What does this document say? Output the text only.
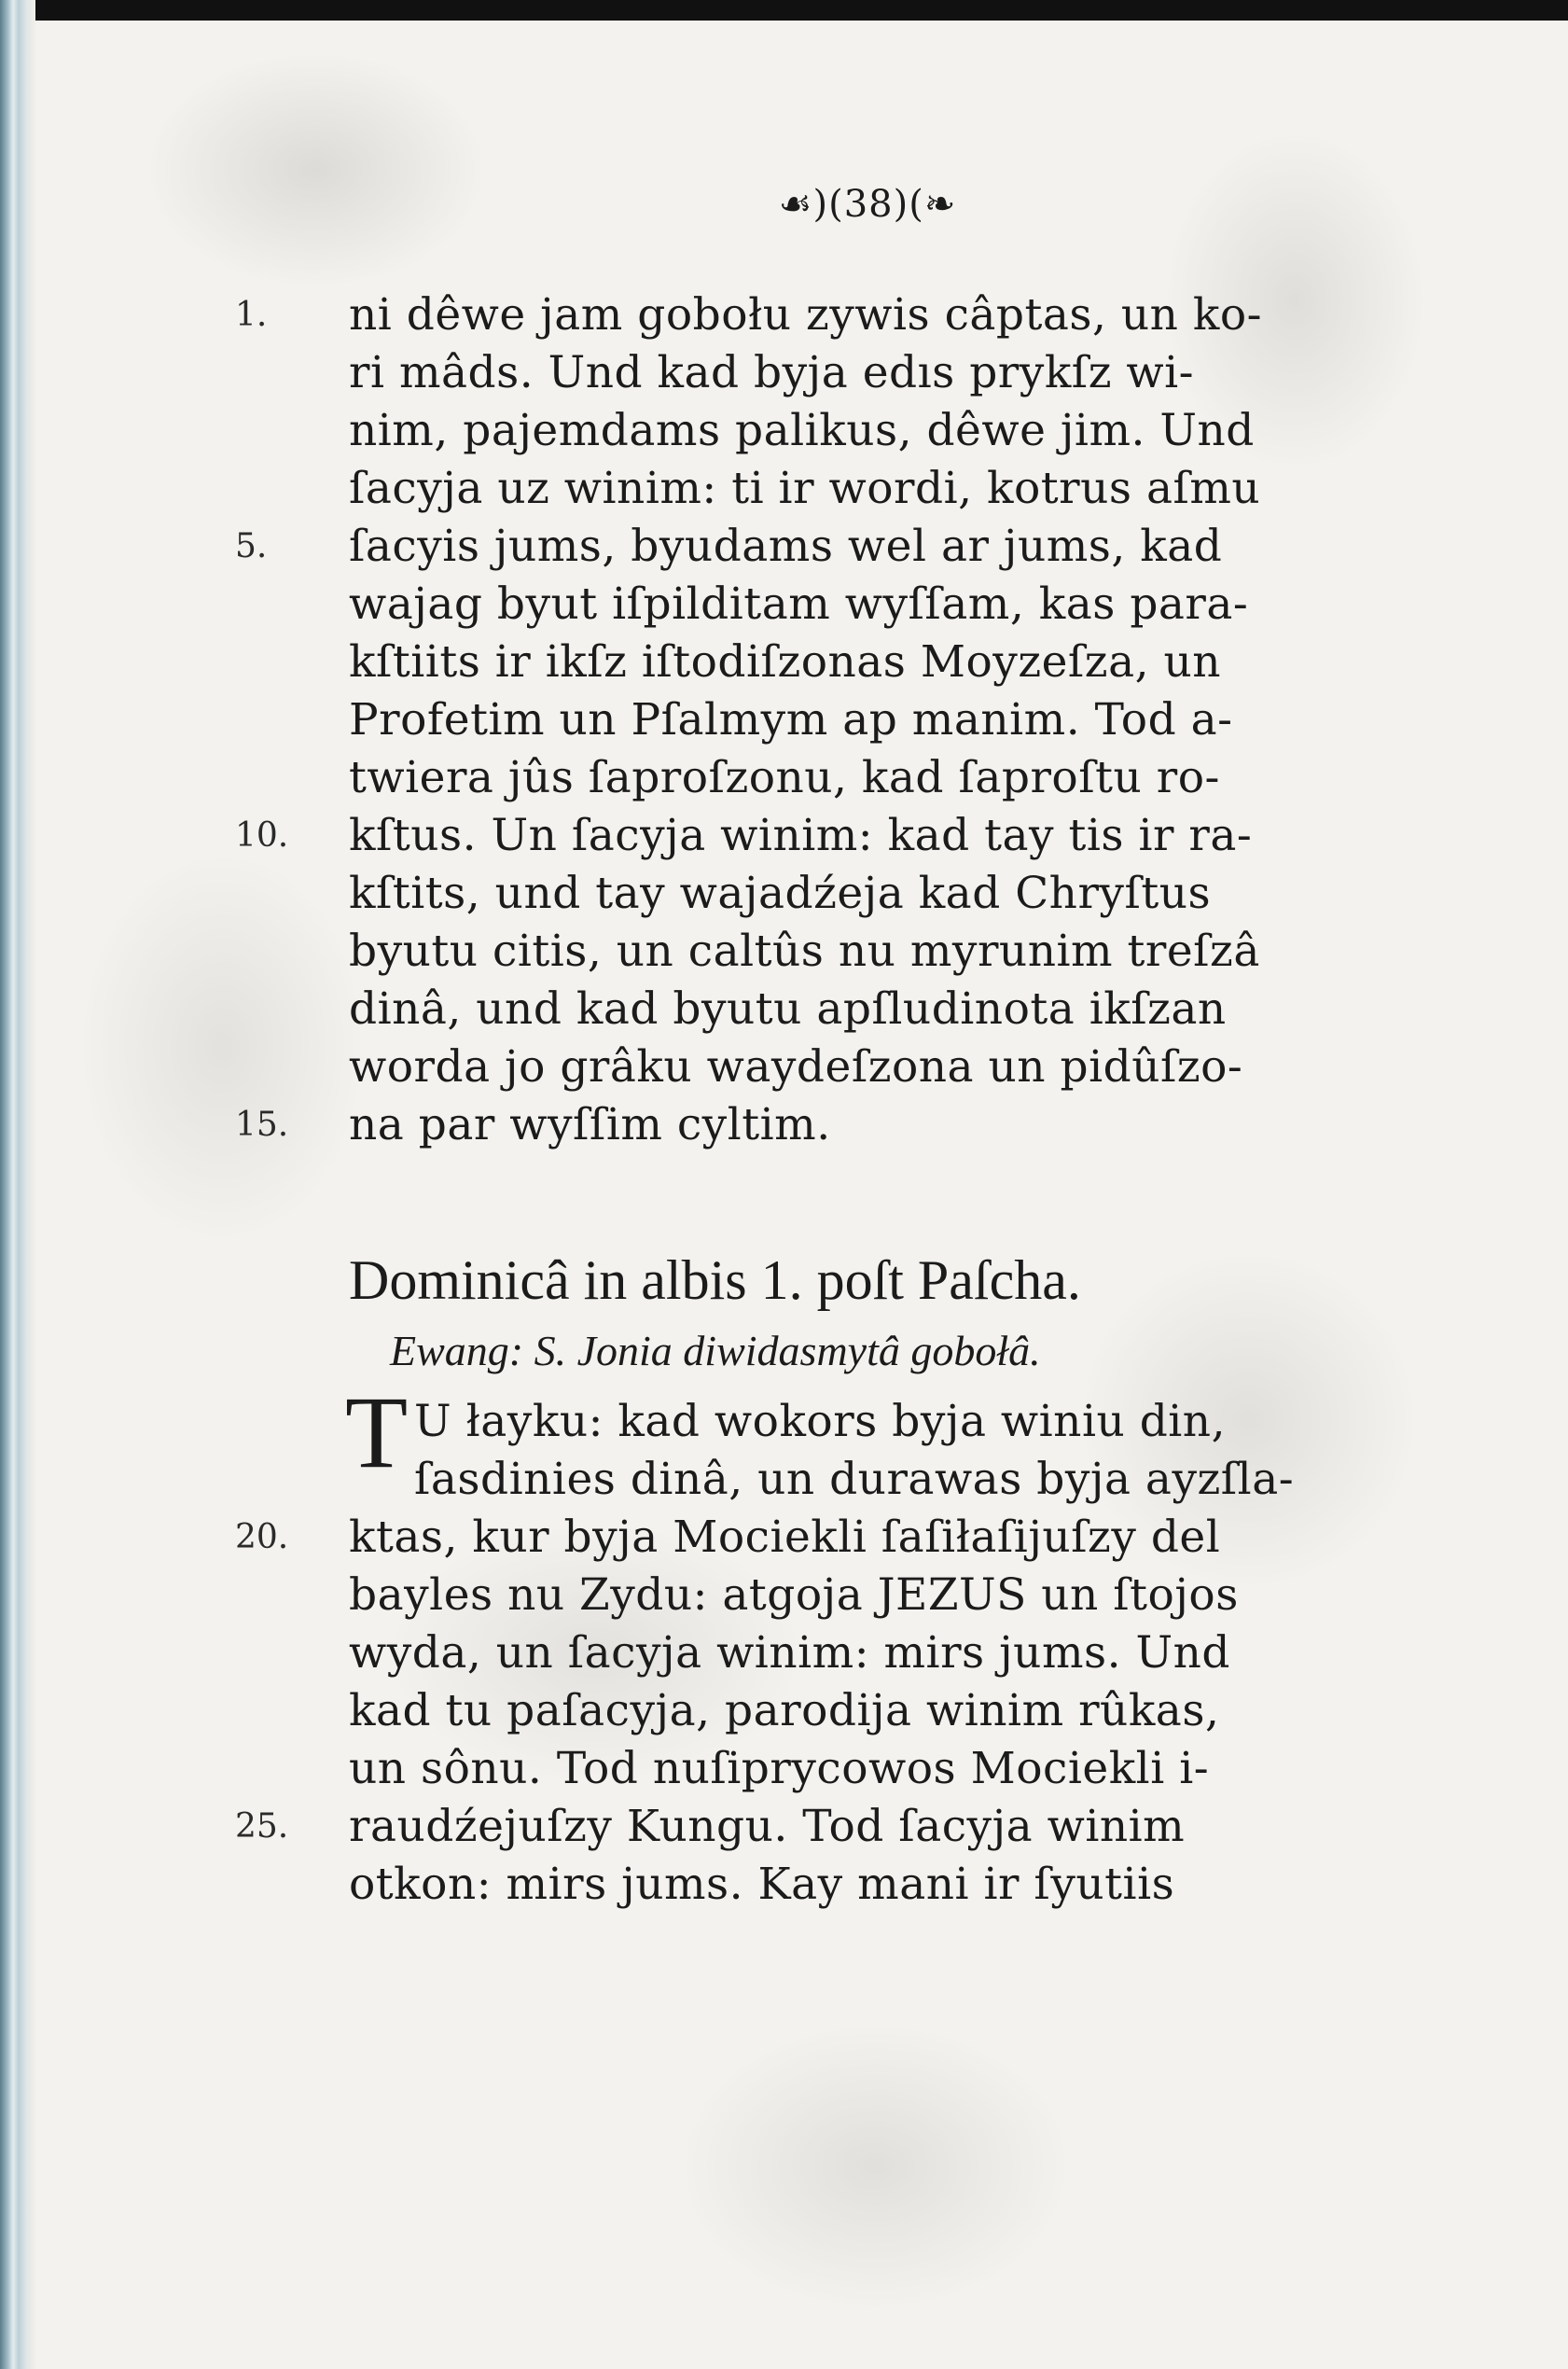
☙)(38)(❧
ni dêwe jam gobołu zywis câptas, un ko-
ri mâds. Und kad byja edıs prykſz wi-
nim, pajemdams palikus, dêwe jim. Und
ſacyja uz winim: ti ir wordi, kotrus aſmu
ſacyis jums, byudams wel ar jums, kad
wajag byut iſpilditam wyſſam, kas para-
kſtiits ir ikſz iſtodiſzonas Moyzeſza, un
Profetim un Pſalmym ap manim. Tod a-
twiera jûs ſaproſzonu, kad ſaproſtu ro-
kſtus. Un ſacyja winim: kad tay tis ir ra-
kſtits, und tay wajadźeja kad Chryſtus
byutu citis, un caltûs nu myrunim treſzâ
dinâ, und kad byutu apſludinota ikſzan
worda jo grâku waydeſzona un pidûſzo-
na par wyſſim cyltim.
1.
5.
10.
15.
Dominicâ in albis 1. poſt Paſcha.
Ewang: S. Jonia diwidasmytâ gobołâ.
T U łayku: kad wokors byja winiu din,
ſasdinies dinâ, un durawas byja ayzſla-
ktas, kur byja Mociekli ſaſiłaſijuſzy del
bayles nu Zydu: atgoja JEZUS un ſtojos
wyda, un ſacyja winim: mirs jums. Und
kad tu paſacyja, parodija winim rûkas,
un sônu. Tod nuſiprycowos Mociekli i-
raudźejuſzy Kungu. Tod ſacyja winim
otkon: mirs jums. Kay mani ir ſyutiis
20.
25.
